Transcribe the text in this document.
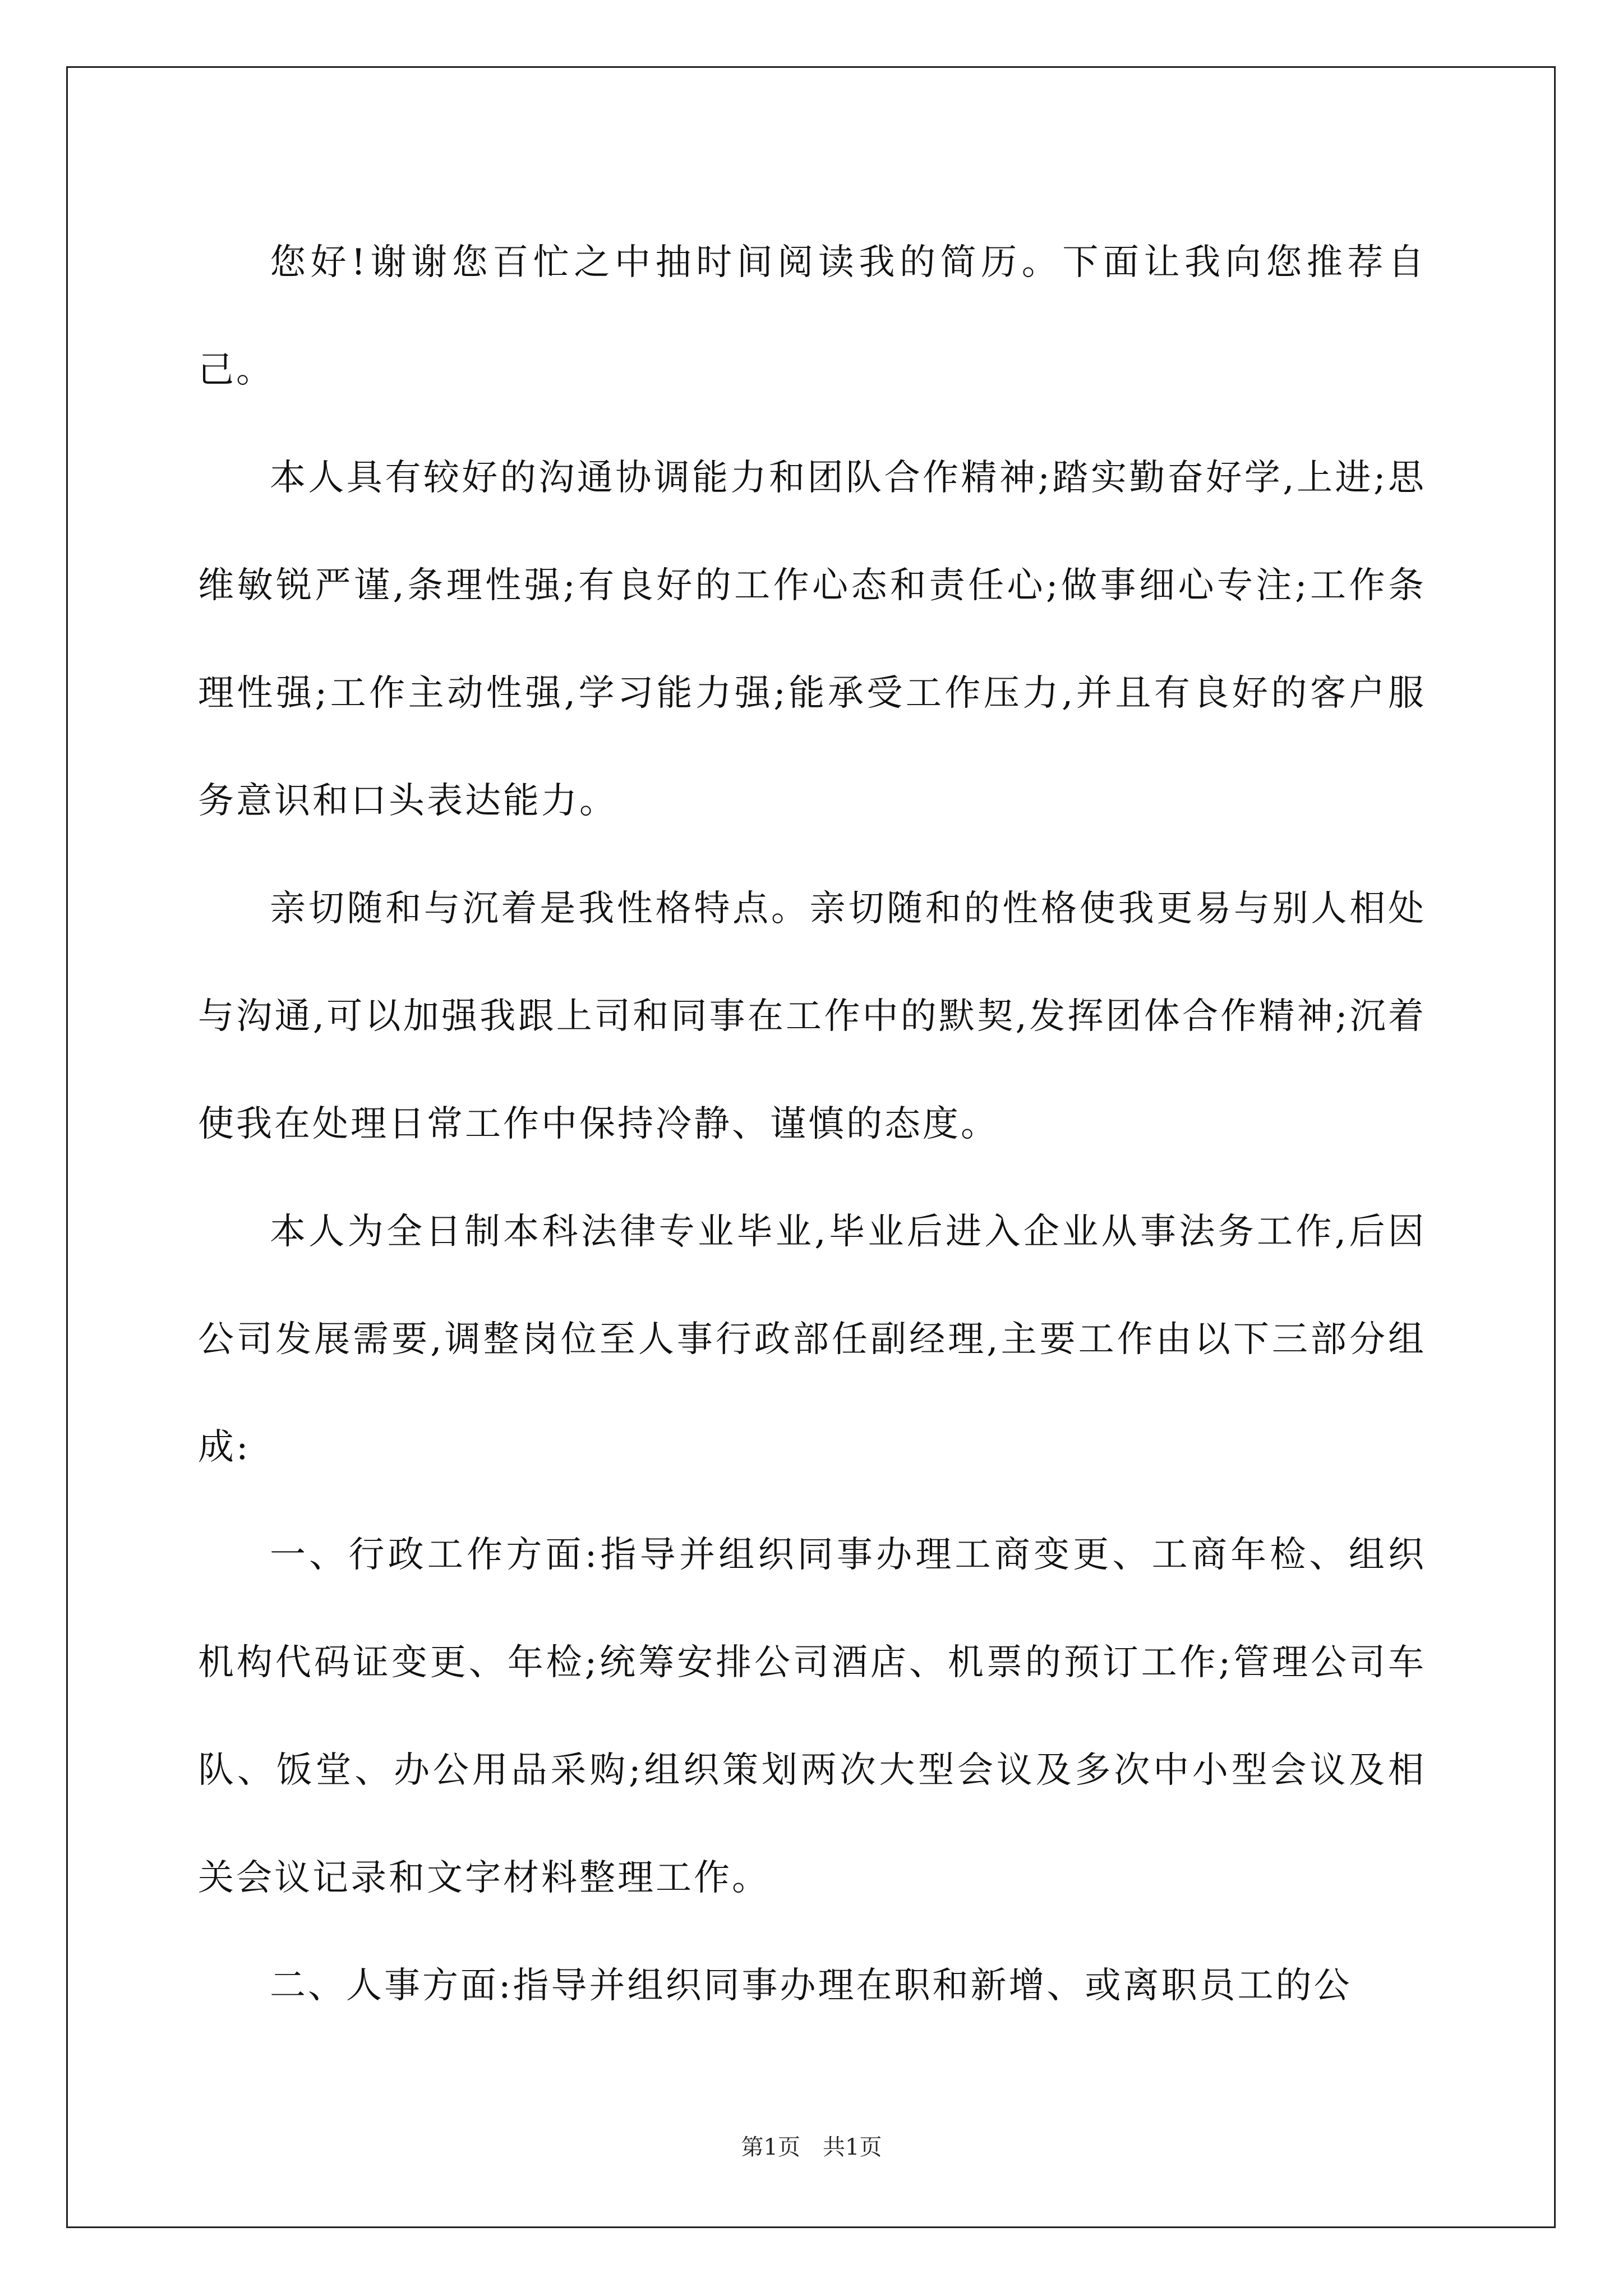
您好!谢谢您百忙之中抽时间阅读我的简历。下面让我向您推荐自己。

本人具有较好的沟通协调能力和团队合作精神;踏实勤奋好学,上进;思维敏锐严谨,条理性强;有良好的工作心态和责任心;做事细心专注;工作条理性强;工作主动性强,学习能力强;能承受工作压力,并且有良好的客户服务意识和口头表达能力。

亲切随和与沉着是我性格特点。亲切随和的性格使我更易与别人相处与沟通,可以加强我跟上司和同事在工作中的默契,发挥团体合作精神;沉着使我在处理日常工作中保持冷静、谨慎的态度。

本人为全日制本科法律专业毕业,毕业后进入企业从事法务工作,后因公司发展需要,调整岗位至人事行政部任副经理,主要工作由以下三部分组成:

一、行政工作方面:指导并组织同事办理工商变更、工商年检、组织机构代码证变更、年检;统筹安排公司酒店、机票的预订工作;管理公司车队、饭堂、办公用品采购;组织策划两次大型会议及多次中小型会议及相关会议记录和文字材料整理工作。

二、人事方面:指导并组织同事办理在职和新增、或离职员工的公

第1页　共1页
